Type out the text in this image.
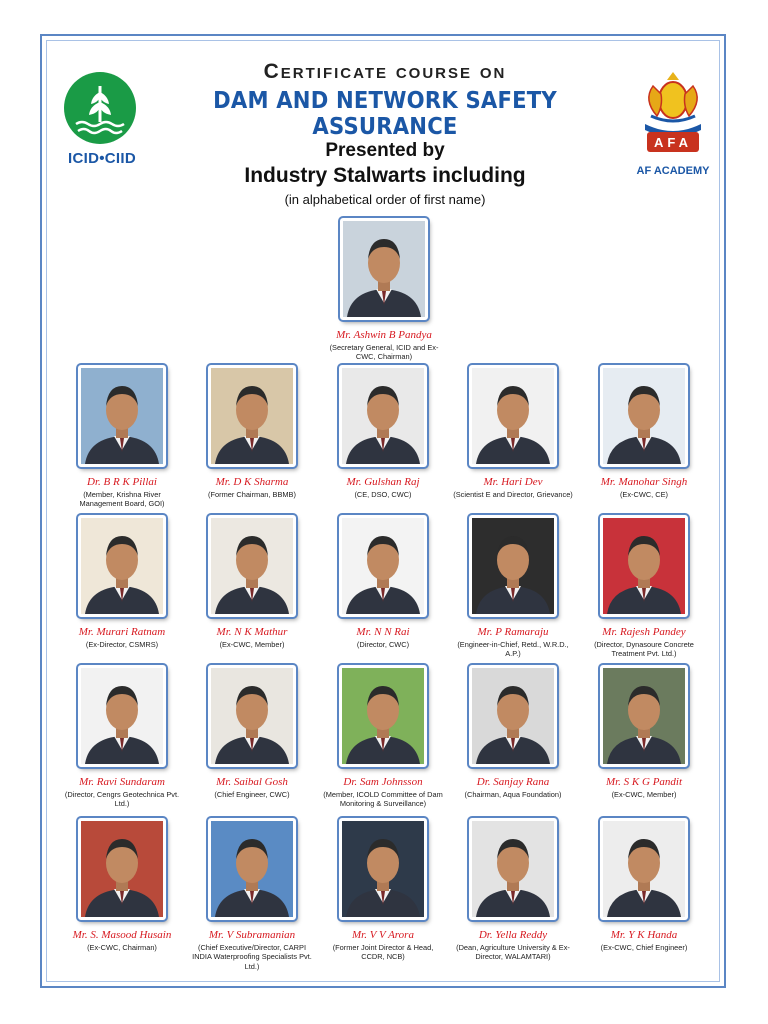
ICID•CIID
AFA
AF ACADEMY
Certificate course on
DAM AND NETWORK SAFETY ASSURANCE
Presented by
Industry Stalwarts including
(in alphabetical order of first name)
Mr. Ashwin B Pandya
(Secretary General, ICID and Ex-CWC, Chairman)
Dr. B R K Pillai
(Member, Krishna River Management Board, GOI)
Mr. D K Sharma
(Former Chairman, BBMB)
Mr. Gulshan Raj
(CE, DSO, CWC)
Mr. Hari Dev
(Scientist E and Director, Grievance)
Mr. Manohar Singh
(Ex-CWC, CE)
Mr. Murari Ratnam
(Ex-Director, CSMRS)
Mr. N K Mathur
(Ex-CWC, Member)
Mr. N N Rai
(Director, CWC)
Mr. P Ramaraju
(Engineer-in-Chief, Retd., W.R.D., A.P.)
Mr. Rajesh Pandey
(Director, Dynasoure Concrete Treatment Pvt. Ltd.)
Mr. Ravi Sundaram
(Director, Cengrs Geotechnica Pvt. Ltd.)
Mr. Saibal Gosh
(Chief Engineer, CWC)
Dr. Sam Johnsson
(Member, ICOLD Committee of Dam Monitoring & Surveillance)
Dr. Sanjay Rana
(Chairman, Aqua Foundation)
Mr. S K G Pandit
(Ex-CWC, Member)
Mr. S. Masood Husain
(Ex-CWC, Chairman)
Mr. V Subramanian
(Chief Executive/Director, CARPI INDIA Waterproofing Specialists Pvt. Ltd.)
Mr. V V Arora
(Former Joint Director & Head, CCDR, NCB)
Dr. Yella Reddy
(Dean, Agriculture University & Ex-Director, WALAMTARI)
Mr. Y K Handa
(Ex-CWC, Chief Engineer)
